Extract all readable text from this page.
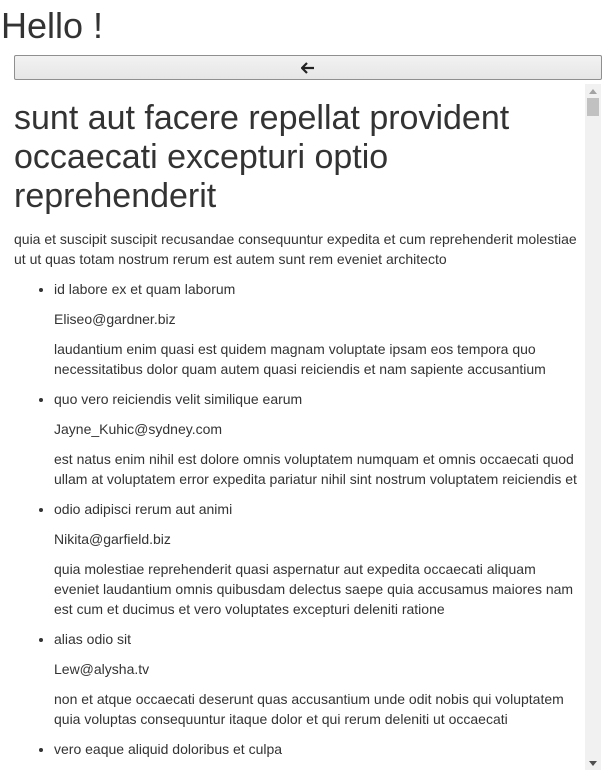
Hello !
sunt aut facere repellat provident occaecati excepturi optio reprehenderit

quia et suscipit suscipit recusandae consequuntur expedita et cum reprehenderit molestiae ut ut quas totam nostrum rerum est autem sunt rem eveniet architecto

• id labore ex et quam laborum

Eliseo@gardner.biz

laudantium enim quasi est quidem magnam voluptate ipsam eos tempora quo necessitatibus dolor quam autem quasi reiciendis et nam sapiente accusantium

• quo vero reiciendis velit similique earum

Jayne_Kuhic@sydney.com

est natus enim nihil est dolore omnis voluptatem numquam et omnis occaecati quod ullam at voluptatem error expedita pariatur nihil sint nostrum voluptatem reiciendis et

• odio adipisci rerum aut animi

Nikita@garfield.biz

quia molestiae reprehenderit quasi aspernatur aut expedita occaecati aliquam eveniet laudantium omnis quibusdam delectus saepe quia accusamus maiores nam est cum et ducimus et vero voluptates excepturi deleniti ratione

• alias odio sit

Lew@alysha.tv

non et atque occaecati deserunt quas accusantium unde odit nobis qui voluptatem quia voluptas consequuntur itaque dolor et qui rerum deleniti ut occaecati

• vero eaque aliquid doloribus et culpa
